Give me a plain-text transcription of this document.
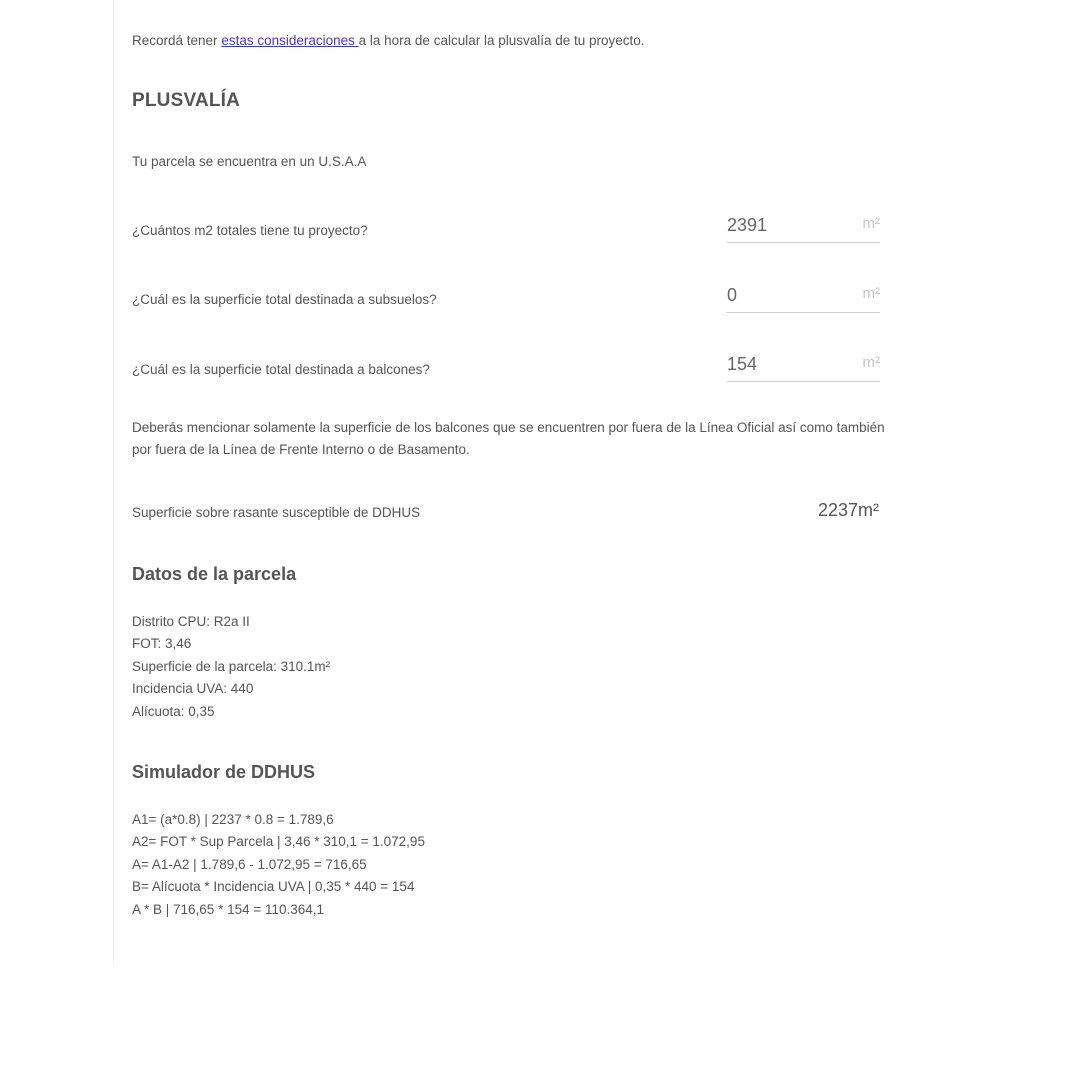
Recordá tener estas consideraciones a la hora de calcular la plusvalía de tu proyecto.

PLUSVALÍA

Tu parcela se encuentra en un U.S.A.A

¿Cuántos m2 totales tiene tu proyecto?

2391	m²

¿Cuál es la superficie total destinada a subsuelos?

0	m²

¿Cuál es la superficie total destinada a balcones?

154	m²

Deberás mencionar solamente la superficie de los balcones que se encuentren por fuera de la Línea Oficial así como también por fuera de la Línea de Frente Interno o de Basamento.

Superficie sobre rasante susceptible de DDHUS	2237m²

Datos de la parcela
Distrito CPU: R2a II
FOT: 3,46
Superficie de la parcela: 310.1m²
Incidencia UVA: 440
Alícuota: 0,35
Simulador de DDHUS
A1= (a*0.8) | 2237 * 0.8 = 1.789,6
A2= FOT * Sup Parcela | 3,46 * 310,1 = 1.072,95
A= A1-A2 | 1.789,6 - 1.072,95 = 716,65
B= Alícuota * Incidencia UVA | 0,35 * 440 = 154
A * B | 716,65 * 154 = 110.364,1
